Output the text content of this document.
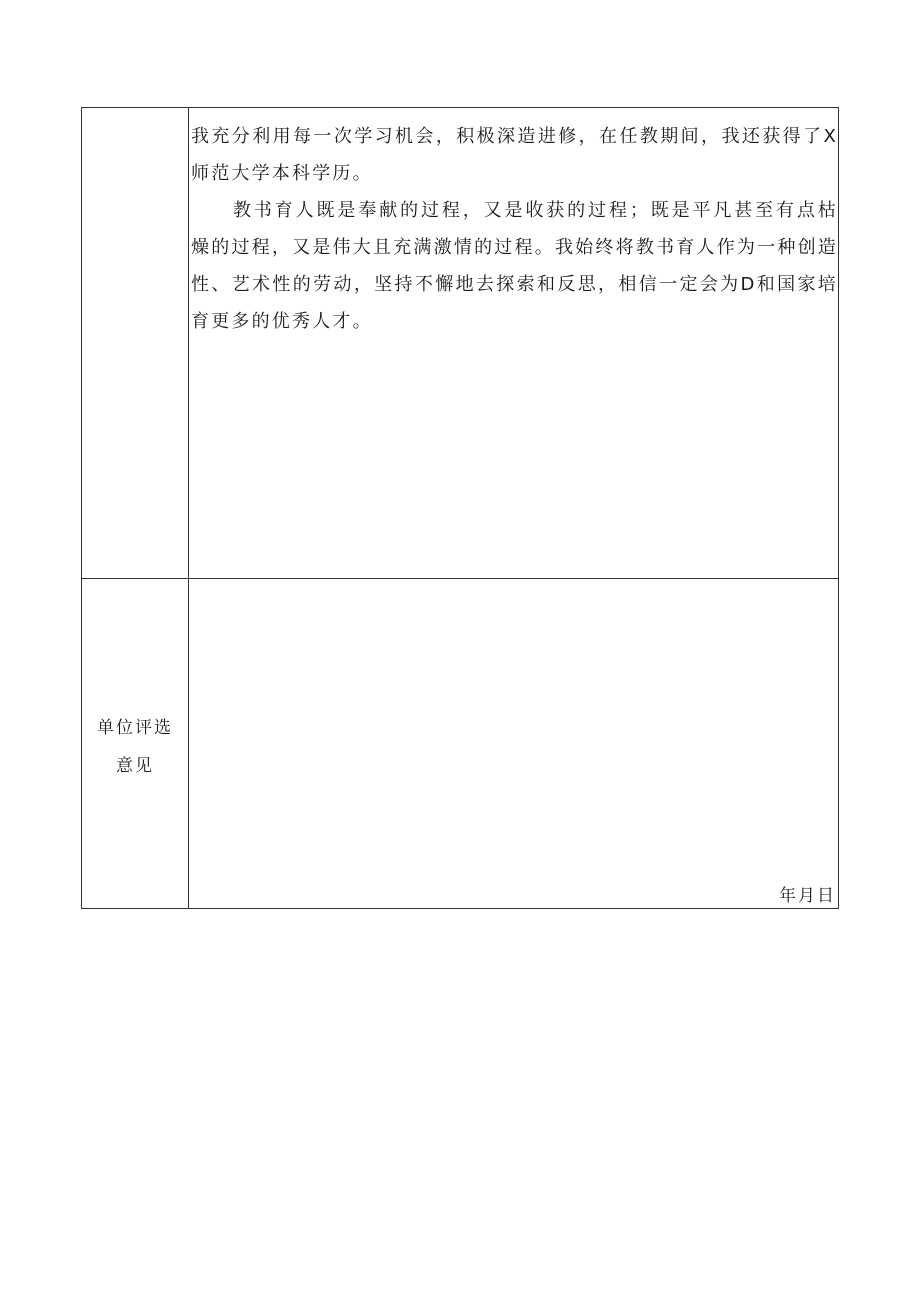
	我充分利用每一次学习机会，积极深造进修，在任教期间，我还获得了X师范大学本科学历。

教书育人既是奉献的过程，又是收获的过程；既是平凡甚至有点枯燥的过程，又是伟大且充满激情的过程。我始终将教书育人作为一种创造性、艺术性的劳动，坚持不懈地去探索和反思，相信一定会为D和国家培育更多的优秀人才。

单位评选意见	年月日
